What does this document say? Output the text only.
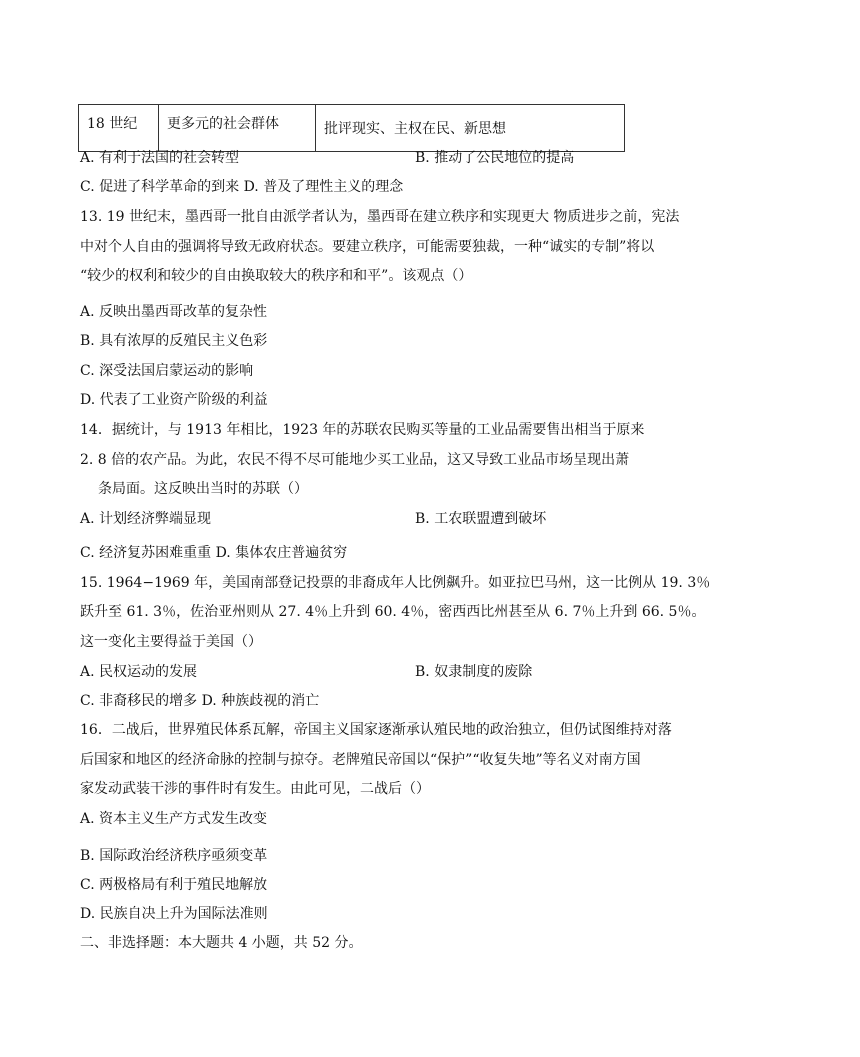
18 世纪	更多元的社会群体	批评现实、主权在民、新思想
A. 有利于法国的社会转型	B. 推动了公民地位的提高
C. 促进了科学革命的到来 D. 普及了理性主义的理念
13. 19 世纪末，墨西哥一批自由派学者认为，墨西哥在建立秩序和实现更大 物质进步之前，宪法
中对个人自由的强调将导致无政府状态。要建立秩序，可能需要独裁，一种“诚实的专制”将以
“较少的权利和较少的自由换取较大的秩序和和平”。该观点（）
A. 反映出墨西哥改革的复杂性
B. 具有浓厚的反殖民主义色彩
C. 深受法国启蒙运动的影响
D. 代表了工业资产阶级的利益
14．据统计，与 1913 年相比，1923 年的苏联农民购买等量的工业品需要售出相当于原来
2. 8 倍的农产品。为此，农民不得不尽可能地少买工业品，这又导致工业品市场呈现出萧
条局面。这反映出当时的苏联（）
A. 计划经济弊端显现	B. 工农联盟遭到破坏
C. 经济复苏困难重重 D. 集体农庄普遍贫穷
15. 1964−1969 年，美国南部登记投票的非裔成年人比例飙升。如亚拉巴马州，这一比例从 19. 3％
跃升至 61. 3％，佐治亚州则从 27. 4％上升到 60. 4％，密西西比州甚至从 6. 7％上升到 66. 5％。
这一变化主要得益于美国（）
A. 民权运动的发展	B. 奴隶制度的废除
C. 非裔移民的增多 D. 种族歧视的消亡
16．二战后，世界殖民体系瓦解，帝国主义国家逐渐承认殖民地的政治独立，但仍试图维持对落
后国家和地区的经济命脉的控制与掠夺。老牌殖民帝国以“保护”“收复失地”等名义对南方国
家发动武装干涉的事件时有发生。由此可见，二战后（）
A. 资本主义生产方式发生改变
B. 国际政治经济秩序亟须变革
C. 两极格局有利于殖民地解放
D. 民族自决上升为国际法准则
二、非选择题：本大题共 4 小题，共 52 分。
